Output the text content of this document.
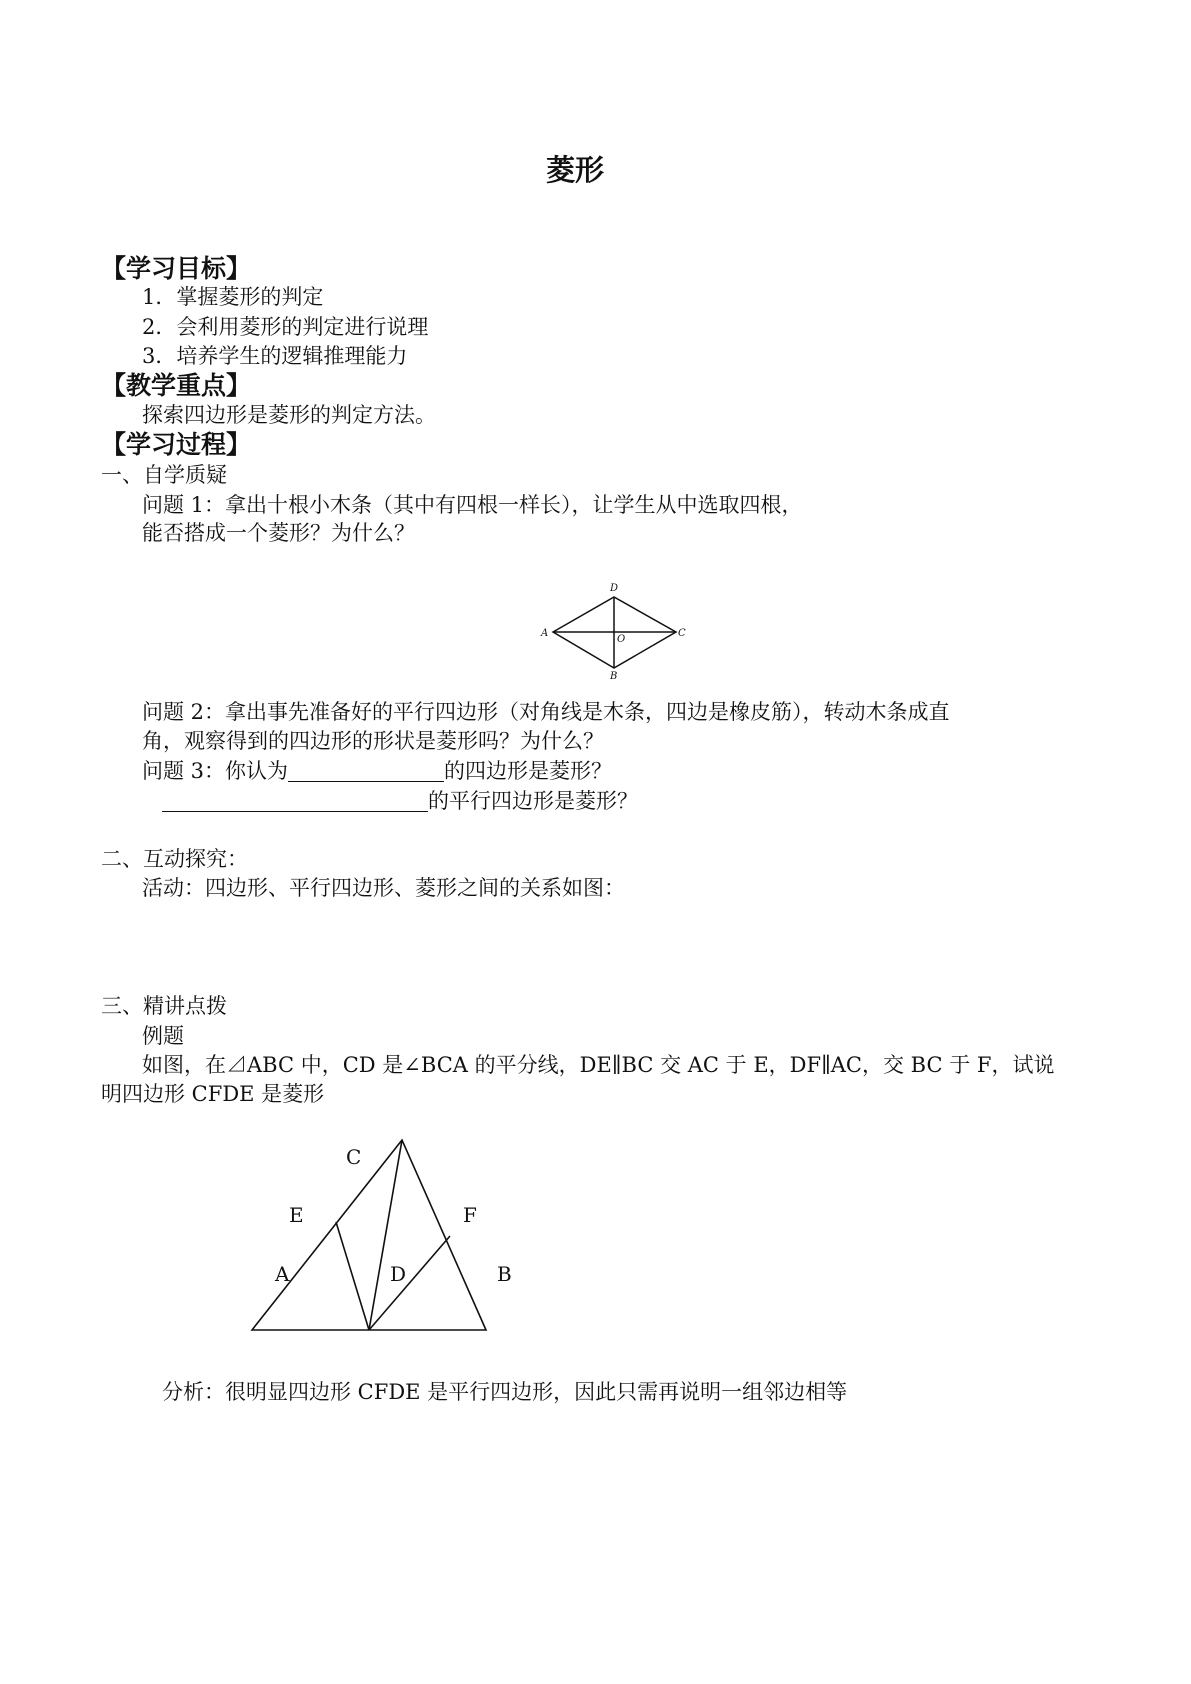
菱形
【学习目标】
1．掌握菱形的判定
2．会利用菱形的判定进行说理
3．培养学生的逻辑推理能力
【教学重点】
探索四边形是菱形的判定方法。
【学习过程】
一、自学质疑
问题 1：拿出十根小木条（其中有四根一样长），让学生从中选取四根，
能否搭成一个菱形？为什么？
D
A	C
O
B
问题 2：拿出事先准备好的平行四边形（对角线是木条，四边是橡皮筋），转动木条成直
角，观察得到的四边形的形状是菱形吗？为什么？
问题 3：你认为	的四边形是菱形？
的平行四边形是菱形？
二、互动探究：
活动：四边形、平行四边形、菱形之间的关系如图：
三、精讲点拨
例题
如图，在⊿ABC 中，CD 是∠BCA 的平分线，DE∥BC 交 AC 于 E，DF∥AC，交 BC 于 F，试说
明四边形 CFDE 是菱形
C
E	F
A	D	B
分析：很明显四边形 CFDE 是平行四边形，因此只需再说明一组邻边相等
